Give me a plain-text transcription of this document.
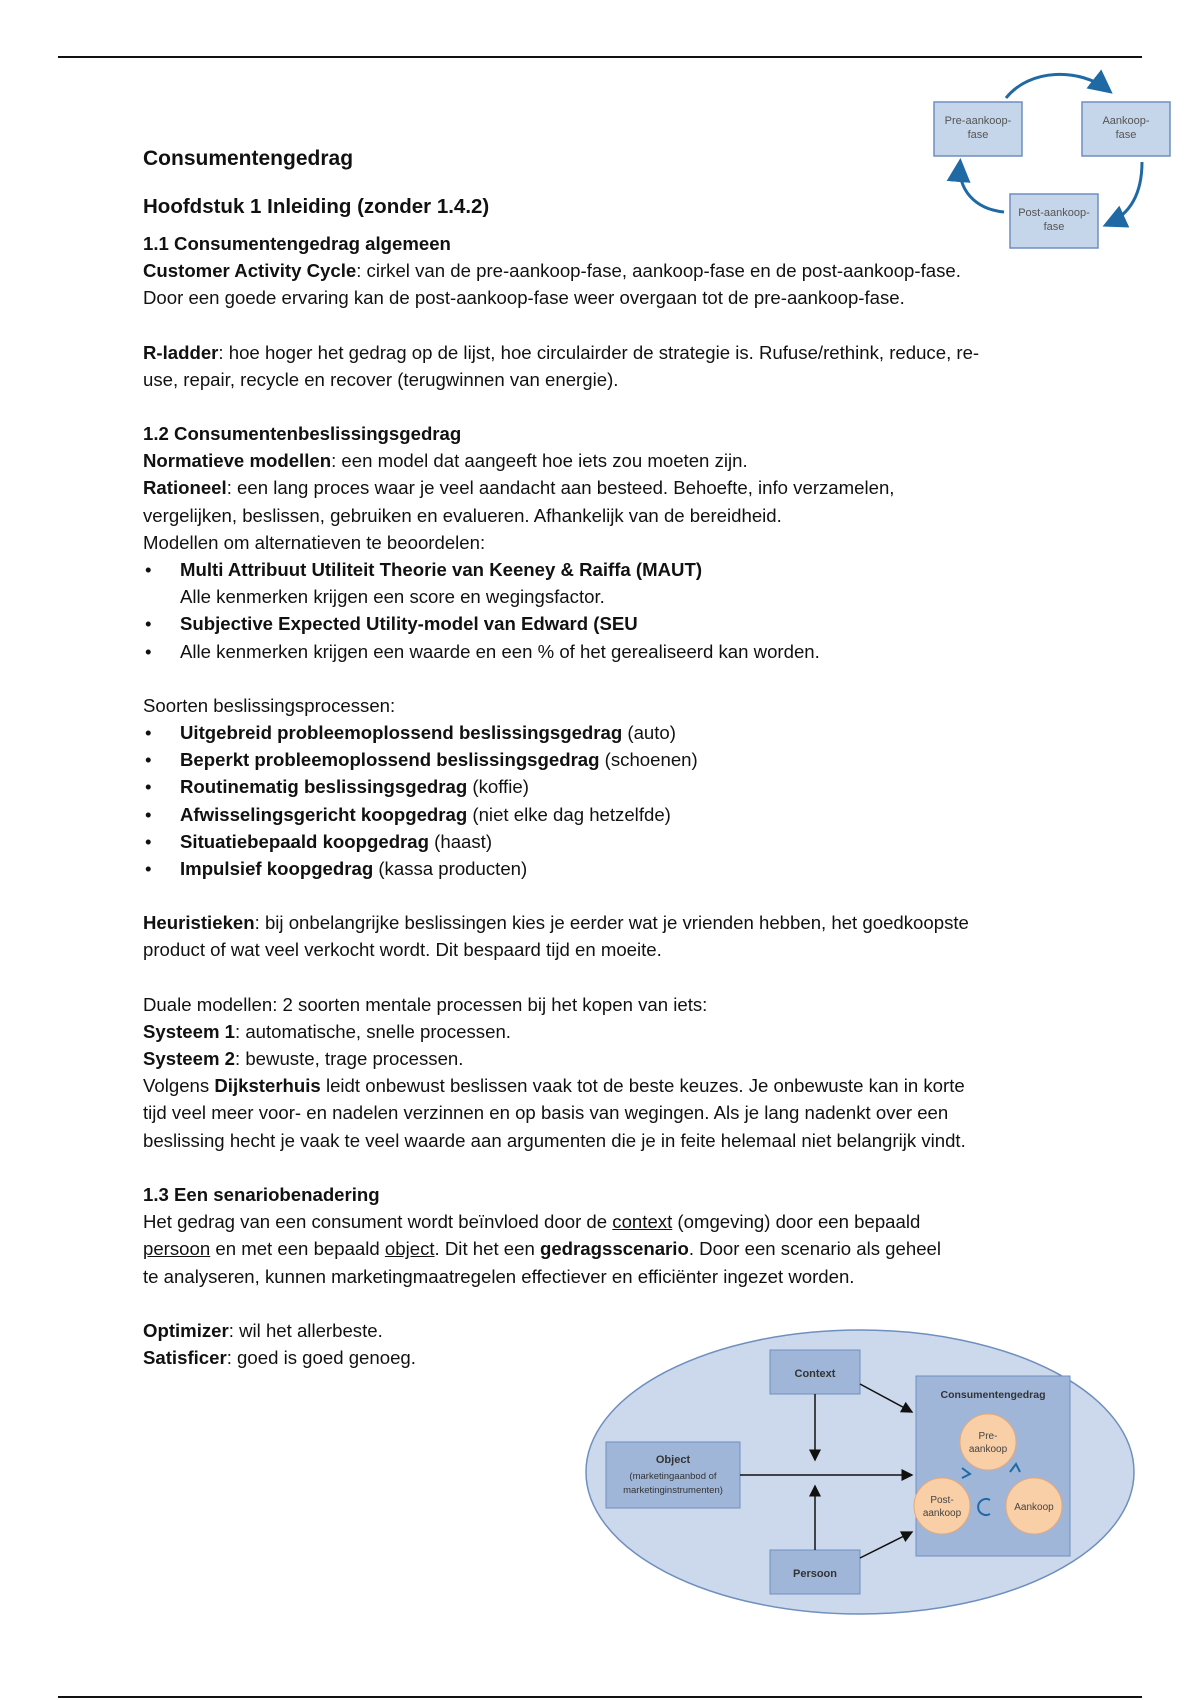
Pre-aankoop-
fase
Aankoop-
fase
Post-aankoop-
fase

Consumentengedrag

Hoofdstuk 1 Inleiding (zonder 1.4.2)

1.1 Consumentengedrag algemeen

Customer Activity Cycle: cirkel van de pre-aankoop-fase, aankoop-fase en de post-aankoop-fase.

Door een goede ervaring kan de post-aankoop-fase weer overgaan tot de pre-aankoop-fase.

R-ladder: hoe hoger het gedrag op de lijst, hoe circulairder de strategie is. Rufuse/rethink, reduce, re-

use, repair, recycle en recover (terugwinnen van energie).

1.2 Consumentenbeslissingsgedrag

Normatieve modellen: een model dat aangeeft hoe iets zou moeten zijn.

Rationeel: een lang proces waar je veel aandacht aan besteed. Behoefte, info verzamelen,

vergelijken, beslissen, gebruiken en evalueren. Afhankelijk van de bereidheid.

Modellen om alternatieven te beoordelen:

• Multi Attribuut Utiliteit Theorie van Keeney & Raiffa (MAUT)

Alle kenmerken krijgen een score en wegingsfactor.

• Subjective Expected Utility-model van Edward (SEU
• Alle kenmerken krijgen een waarde en een % of het gerealiseerd kan worden.

Soorten beslissingsprocessen:

• Uitgebreid probleemoplossend beslissingsgedrag (auto)
• Beperkt probleemoplossend beslissingsgedrag (schoenen)
• Routinematig beslissingsgedrag (koffie)
• Afwisselingsgericht koopgedrag (niet elke dag hetzelfde)
• Situatiebepaald koopgedrag (haast)
• Impulsief koopgedrag (kassa producten)

Heuristieken: bij onbelangrijke beslissingen kies je eerder wat je vrienden hebben, het goedkoopste

product of wat veel verkocht wordt. Dit bespaard tijd en moeite.

Duale modellen: 2 soorten mentale processen bij het kopen van iets:

Systeem 1: automatische, snelle processen.

Systeem 2: bewuste, trage processen.

Volgens Dijksterhuis leidt onbewust beslissen vaak tot de beste keuzes. Je onbewuste kan in korte

tijd veel meer voor- en nadelen verzinnen en op basis van wegingen. Als je lang nadenkt over een

beslissing hecht je vaak te veel waarde aan argumenten die je in feite helemaal niet belangrijk vindt.

1.3 Een senariobenadering

Het gedrag van een consument wordt beïnvloed door de context (omgeving) door een bepaald

persoon en met een bepaald object. Dit het een gedragsscenario. Door een scenario als geheel

te analyseren, kunnen marketingmaatregelen effectiever en efficiënter ingezet worden.

Optimizer: wil het allerbeste.

Satisficer: goed is goed genoeg.

Context
Object
(marketingaanbod of
marketinginstrumenten)
Persoon
Consumentengedrag
Pre-
aankoop
Aankoop
Post-
aankoop
